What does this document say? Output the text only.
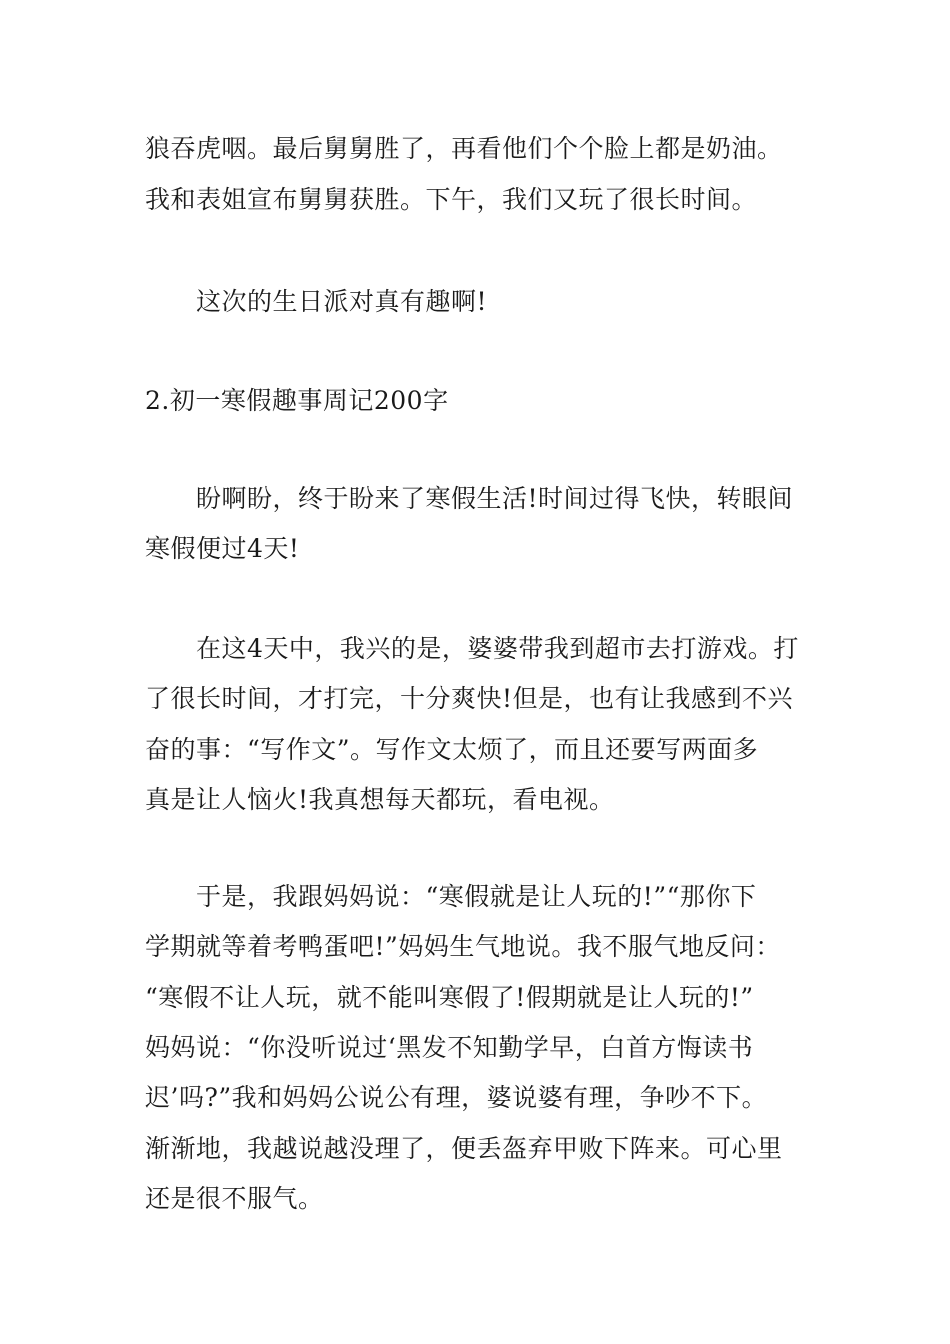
狼吞虎咽。最后舅舅胜了，再看他们个个脸上都是奶油。
我和表姐宣布舅舅获胜。下午，我们又玩了很长时间。
这次的生日派对真有趣啊!
2.初一寒假趣事周记200字
盼啊盼，终于盼来了寒假生活!时间过得飞快，转眼间
寒假便过4天!
在这4天中，我兴的是，婆婆带我到超市去打游戏。打
了很长时间，才打完，十分爽快!但是，也有让我感到不兴
奋的事：“写作文”。写作文太烦了，而且还要写两面多
真是让人恼火!我真想每天都玩，看电视。
于是，我跟妈妈说：“寒假就是让人玩的!”“那你下
学期就等着考鸭蛋吧!”妈妈生气地说。我不服气地反问：
“寒假不让人玩，就不能叫寒假了!假期就是让人玩的!”
妈妈说：“你没听说过‘黑发不知勤学早，白首方悔读书
迟’吗?”我和妈妈公说公有理，婆说婆有理，争吵不下。
渐渐地，我越说越没理了，便丢盔弃甲败下阵来。可心里
还是很不服气。
